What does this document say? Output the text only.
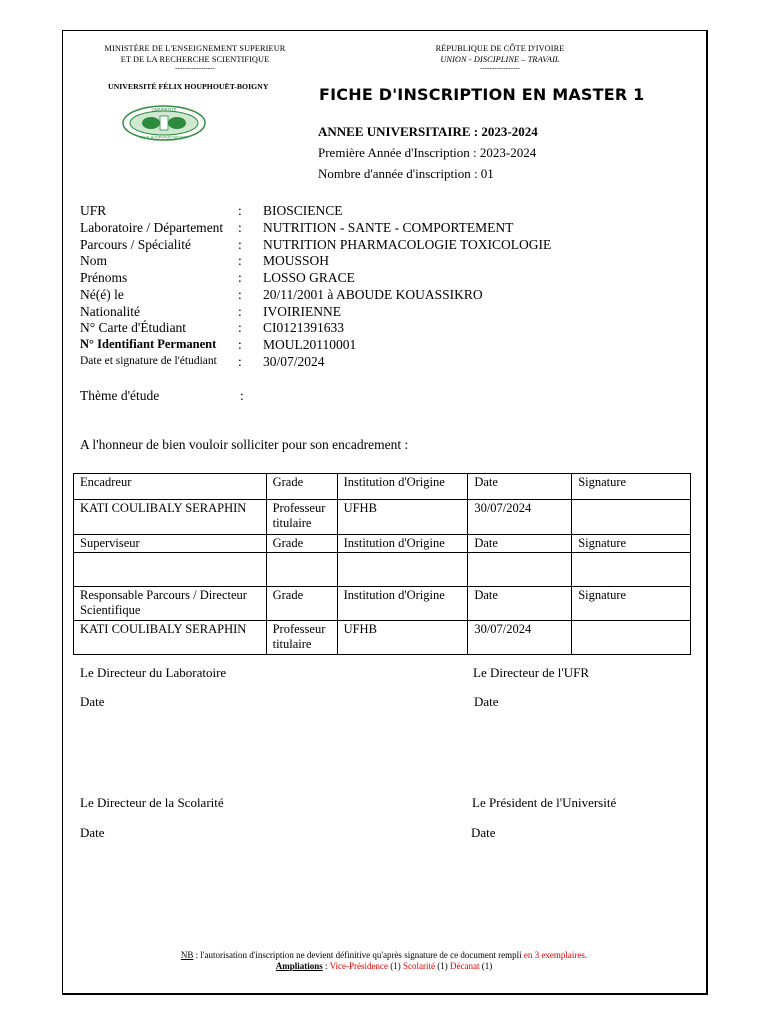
MINISTÈRE DE L'ENSEIGNEMENT SUPERIEUR
ET DE LA RECHERCHE SCIENTIFIQUE
-----------------
UNIVERSITÉ FÉLIX HOUPHOUËT-BOIGNY
UNIVERSITÉ
FÉLIX HOUPHOUËT-BOIGNY
RÉPUBLIQUE DE CÔTE D'IVOIRE
UNION - DISCIPLINE – TRAVAIL
-----------------
FICHE D'INSCRIPTION EN MASTER 1
ANNEE UNIVERSITAIRE : 2023-2024
Première Année d'Inscription : 2023-2024
Nombre d'année d'inscription : 01
UFR	: BIOSCIENCE
Laboratoire / Département : NUTRITION - SANTE - COMPORTEMENT
Parcours / Spécialité	: NUTRITION PHARMACOLOGIE TOXICOLOGIE
Nom	: MOUSSOH
Prénoms	: LOSSO GRACE
Né(é) le	: 20/11/2001 à ABOUDE KOUASSIKRO
Nationalité	: IVOIRIENNE
N° Carte d'Étudiant	: CI0121391633
N° Identifiant Permanent : MOUL20110001
Date et signature de l'étudiant : 30/07/2024
Thème d'étude	:
A l'honneur de bien vouloir solliciter pour son encadrement :
Encadreur	Grade	Institution d'Origine	Date	Signature
KATI COULIBALY SERAPHIN	Professeur titulaire	UFHB	30/07/2024	
Superviseur	Grade	Institution d'Origine	Date	Signature

Responsable Parcours / Directeur Scientifique	Grade	Institution d'Origine	Date	Signature
KATI COULIBALY SERAPHIN	Professeur titulaire	UFHB	30/07/2024	
Le Directeur du Laboratoire	Le Directeur de l'UFR
Date	Date
Le Directeur de la Scolarité	Le Président de l'Université
Date	Date
NB : l'autorisation d'inscription ne devient définitive qu'après signature de ce document rempli en 3 exemplaires.
Ampliations : Vice-Présidence (1) Scolarité (1) Décanat (1)
